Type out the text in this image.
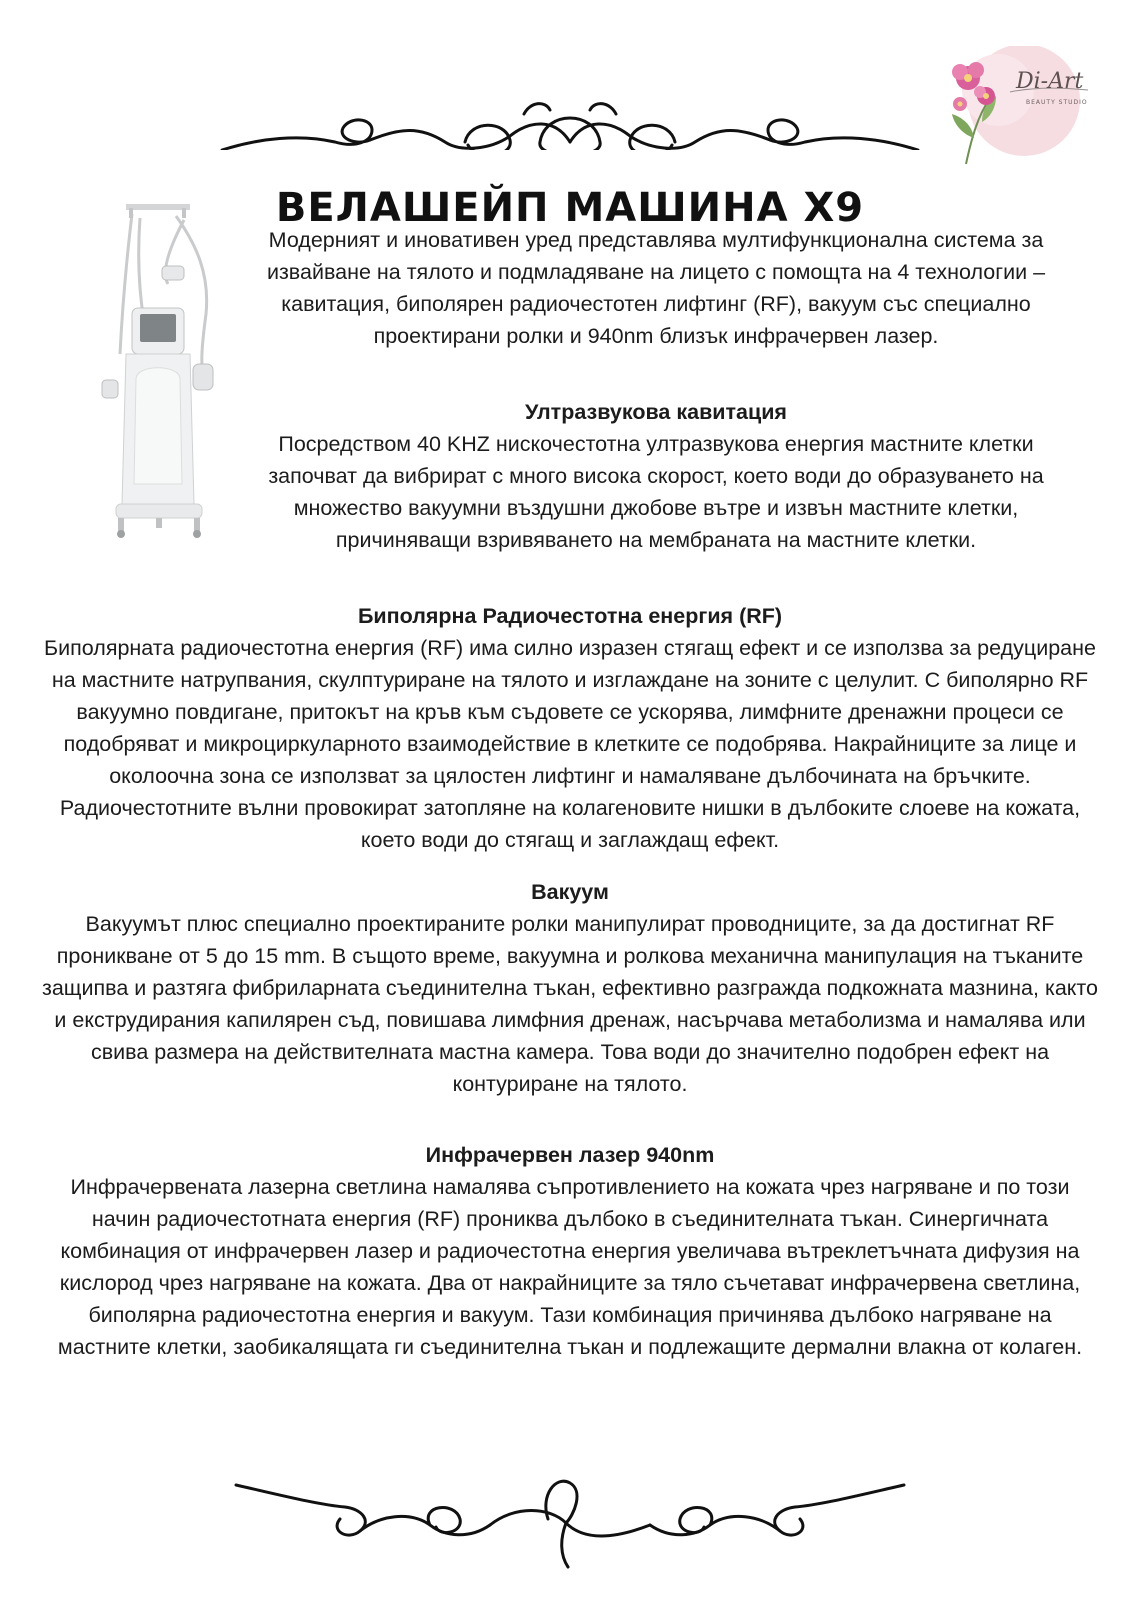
Di-Art
BEAUTY STUDIO
ВЕЛАШЕЙП МАШИНА Х9

Модерният и иновативен уред представлява мултифункционална система за извайване на тялото и подмладяване на лицето с помощта на 4 технологии – кавитация, биполярен радиочестотен лифтинг (RF), вакуум със специално проектирани ролки и 940nm близък инфрачервен лазер.

Ултразвукова кавитация

Посредством 40 KHZ нискочестотна ултразвукова енергия мастните клетки започват да вибрират с много висока скорост, което води до образуването на множество вакуумни въздушни джобове вътре и извън мастните клетки, причиняващи взривяването на мембраната на мастните клетки.

Биполярна Радиочестотна енергия (RF)

Биполярната радиочестотна енергия (RF) има силно изразен стягащ ефект и се използва за редуциране на мастните натрупвания, скулптуриране на тялото и изглаждане на зоните с целулит. С биполярно RF вакуумно повдигане, притокът на кръв към съдовете се ускорява, лимфните дренажни процеси се подобряват и микроциркуларното взаимодействие в клетките се подобрява. Накрайниците за лице и околоочна зона се използват за цялостен лифтинг и намаляване дълбочината на бръчките. Радиочестотните вълни провокират затопляне на колагеновите нишки в дълбоките слоеве на кожата, което води до стягащ и заглаждащ ефект.

Вакуум

Вакуумът плюс специално проектираните ролки манипулират проводниците, за да достигнат RF проникване от 5 до 15 mm. В същото време, вакуумна и ролкова механична манипулация на тъканите защипва и разтяга фибриларната съединителна тъкан, ефективно разгражда подкожната мазнина, както и екструдирания капилярен съд, повишава лимфния дренаж, насърчава метаболизма и намалява или свива размера на действителната мастна камера. Това води до значително подобрен ефект на контуриране на тялото.

Инфрачервен лазер 940nm

Инфрачервената лазерна светлина намалява съпротивлението на кожата чрез нагряване и по този начин радиочестотната енергия (RF) прониква дълбоко в съединителната тъкан. Синергичната комбинация от инфрачервен лазер и радиочестотна енергия увеличава вътреклетъчната дифузия на кислород чрез нагряване на кожата. Два от накрайниците за тяло съчетават инфрачервена светлина, биполярна радиочестотна енергия и вакуум. Тази комбинация причинява дълбоко нагряване на мастните клетки, заобикалящата ги съединителна тъкан и подлежащите дермални влакна от колаген.
